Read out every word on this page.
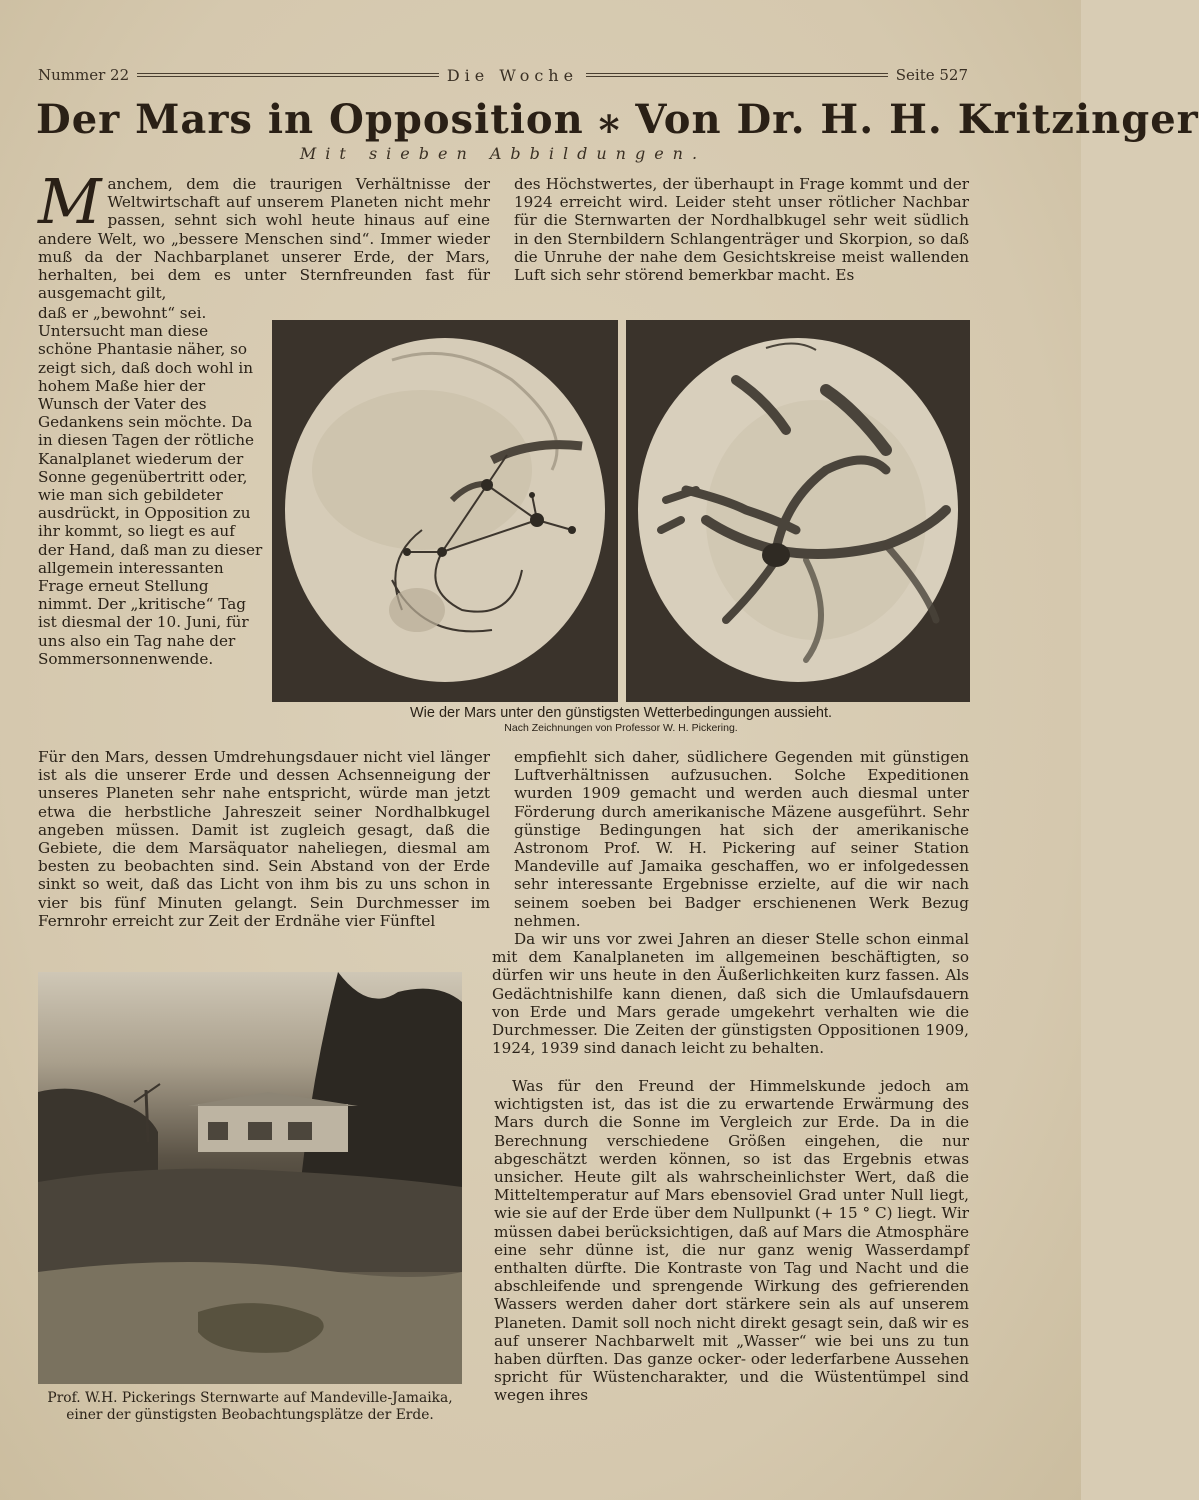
Nummer 22	Die Woche	Seite 527
Der Mars in Opposition ⁎ Von Dr. H. H. Kritzinger
Mit sieben Abbildungen.
M anchem, dem die traurigen Verhältnisse der Weltwirtschaft auf unserem Planeten nicht mehr passen, sehnt sich wohl heute hinaus auf eine andere Welt, wo „bessere Menschen sind“. Immer wieder muß da der Nachbarplanet unserer Erde, der Mars, herhalten, bei dem es unter Sternfreunden fast für ausgemacht gilt,
daß er „bewohnt“ sei. Untersucht man diese schöne Phantasie näher, so zeigt sich, daß doch wohl in hohem Maße hier der Wunsch der Vater des Gedankens sein möchte. Da in diesen Tagen der rötliche Kanalplanet wiederum der Sonne gegenübertritt oder, wie man sich gebildeter ausdrückt, in Opposition zu ihr kommt, so liegt es auf der Hand, daß man zu dieser allgemein interessanten Frage erneut Stellung nimmt. Der „kritische“ Tag ist diesmal der 10. Juni, für uns also ein Tag nahe der Sommersonnenwende.
des Höchstwertes, der überhaupt in Frage kommt und der 1924 erreicht wird. Leider steht unser rötlicher Nachbar für die Sternwarten der Nordhalbkugel sehr weit südlich in den Sternbildern Schlangenträger und Skorpion, so daß die Unruhe der nahe dem Gesichtskreise meist wallenden Luft sich sehr störend bemerkbar macht. Es
Wie der Mars unter den günstigsten Wetterbedingungen aussieht.
Nach Zeichnungen von Professor W. H. Pickering.
Für den Mars, dessen Umdrehungsdauer nicht viel länger ist als die unserer Erde und dessen Achsenneigung der unseres Planeten sehr nahe entspricht, würde man jetzt etwa die herbstliche Jahreszeit seiner Nordhalbkugel angeben müssen. Damit ist zugleich gesagt, daß die Gebiete, die dem Marsäquator naheliegen, diesmal am besten zu beobachten sind. Sein Abstand von der Erde sinkt so weit, daß das Licht von ihm bis zu uns schon in vier bis fünf Minuten gelangt. Sein Durchmesser im Fernrohr erreicht zur Zeit der Erdnähe vier Fünftel

empfiehlt sich daher, südlichere Gegenden mit günstigen Luftverhältnissen aufzusuchen. Solche Expeditionen wurden 1909 gemacht und werden auch diesmal unter Förderung durch amerikanische Mäzene ausgeführt. Sehr günstige Bedingungen hat sich der amerikanische Astronom Prof. W. H. Pickering auf seiner Station Mandeville auf Jamaika geschaffen, wo er infolgedessen sehr interessante Ergebnisse erzielte, auf die wir nach seinem soeben bei Badger erschienenen Werk Bezug nehmen.

Da wir uns vor zwei Jahren an dieser Stelle schon einmal mit dem Kanalplaneten im allgemeinen beschäftigten, so dürfen wir uns heute in den Äußerlichkeiten kurz fassen. Als Gedächtnishilfe kann dienen, daß sich die Umlaufsdauern von Erde und Mars gerade umgekehrt verhalten wie die Durchmesser. Die Zeiten der günstigsten Oppositionen 1909, 1924, 1939 sind danach leicht zu behalten.

Was für den Freund der Himmelskunde jedoch am wichtigsten ist, das ist die zu erwartende Erwärmung des Mars durch die Sonne im Vergleich zur Erde. Da in die Berechnung verschiedene Größen eingehen, die nur abgeschätzt werden können, so ist das Ergebnis etwas unsicher. Heute gilt als wahrscheinlichster Wert, daß die Mitteltemperatur auf Mars ebensoviel Grad unter Null liegt, wie sie auf der Erde über dem Nullpunkt (+ 15 ° C) liegt. Wir müssen dabei berücksichtigen, daß auf Mars die Atmosphäre eine sehr dünne ist, die nur ganz wenig Wasserdampf enthalten dürfte. Die Kontraste von Tag und Nacht und die abschleifende und sprengende Wirkung des gefrierenden Wassers werden daher dort stärkere sein als auf unserem Planeten. Damit soll noch nicht direkt gesagt sein, daß wir es auf unserer Nachbarwelt mit „Wasser“ wie bei uns zu tun haben dürften. Das ganze ocker- oder lederfarbene Aussehen spricht für Wüstencharakter, und die Wüstentümpel sind wegen ihres

Prof. W.H. Pickerings Sternwarte auf Mandeville-Jamaika,
einer der günstigsten Beobachtungsplätze der Erde.
